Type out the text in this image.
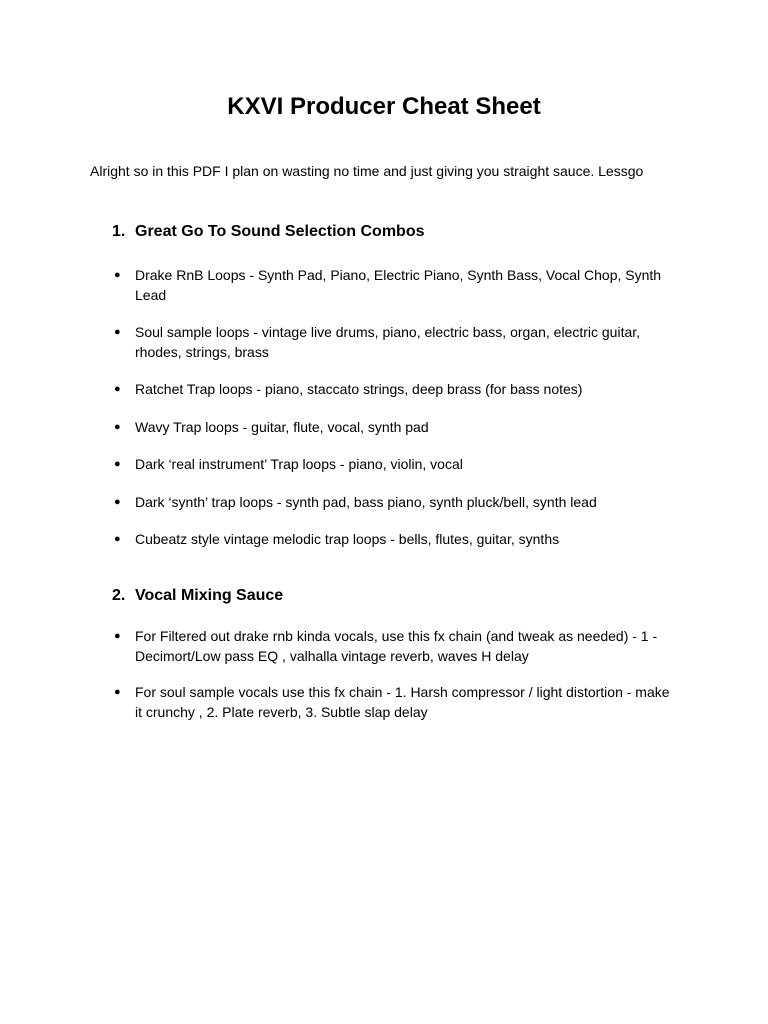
KXVI Producer Cheat Sheet

Alright so in this PDF I plan on wasting no time and just giving you straight sauce. Lessgo

1. Great Go To Sound Selection Combos
● Drake RnB Loops - Synth Pad, Piano, Electric Piano, Synth Bass, Vocal Chop, Synth Lead
● Soul sample loops - vintage live drums, piano, electric bass, organ, electric guitar, rhodes, strings, brass
● Ratchet Trap loops - piano, staccato strings, deep brass (for bass notes)
● Wavy Trap loops - guitar, flute, vocal, synth pad
● Dark ‘real instrument’ Trap loops - piano, violin, vocal
● Dark ‘synth’ trap loops - synth pad, bass piano, synth pluck/bell, synth lead
● Cubeatz style vintage melodic trap loops - bells, flutes, guitar, synths
2. Vocal Mixing Sauce
● For Filtered out drake rnb kinda vocals, use this fx chain (and tweak as needed) - 1 - Decimort/Low pass EQ , valhalla vintage reverb, waves H delay
● For soul sample vocals use this fx chain - 1. Harsh compressor / light distortion - make it crunchy , 2. Plate reverb, 3. Subtle slap delay
